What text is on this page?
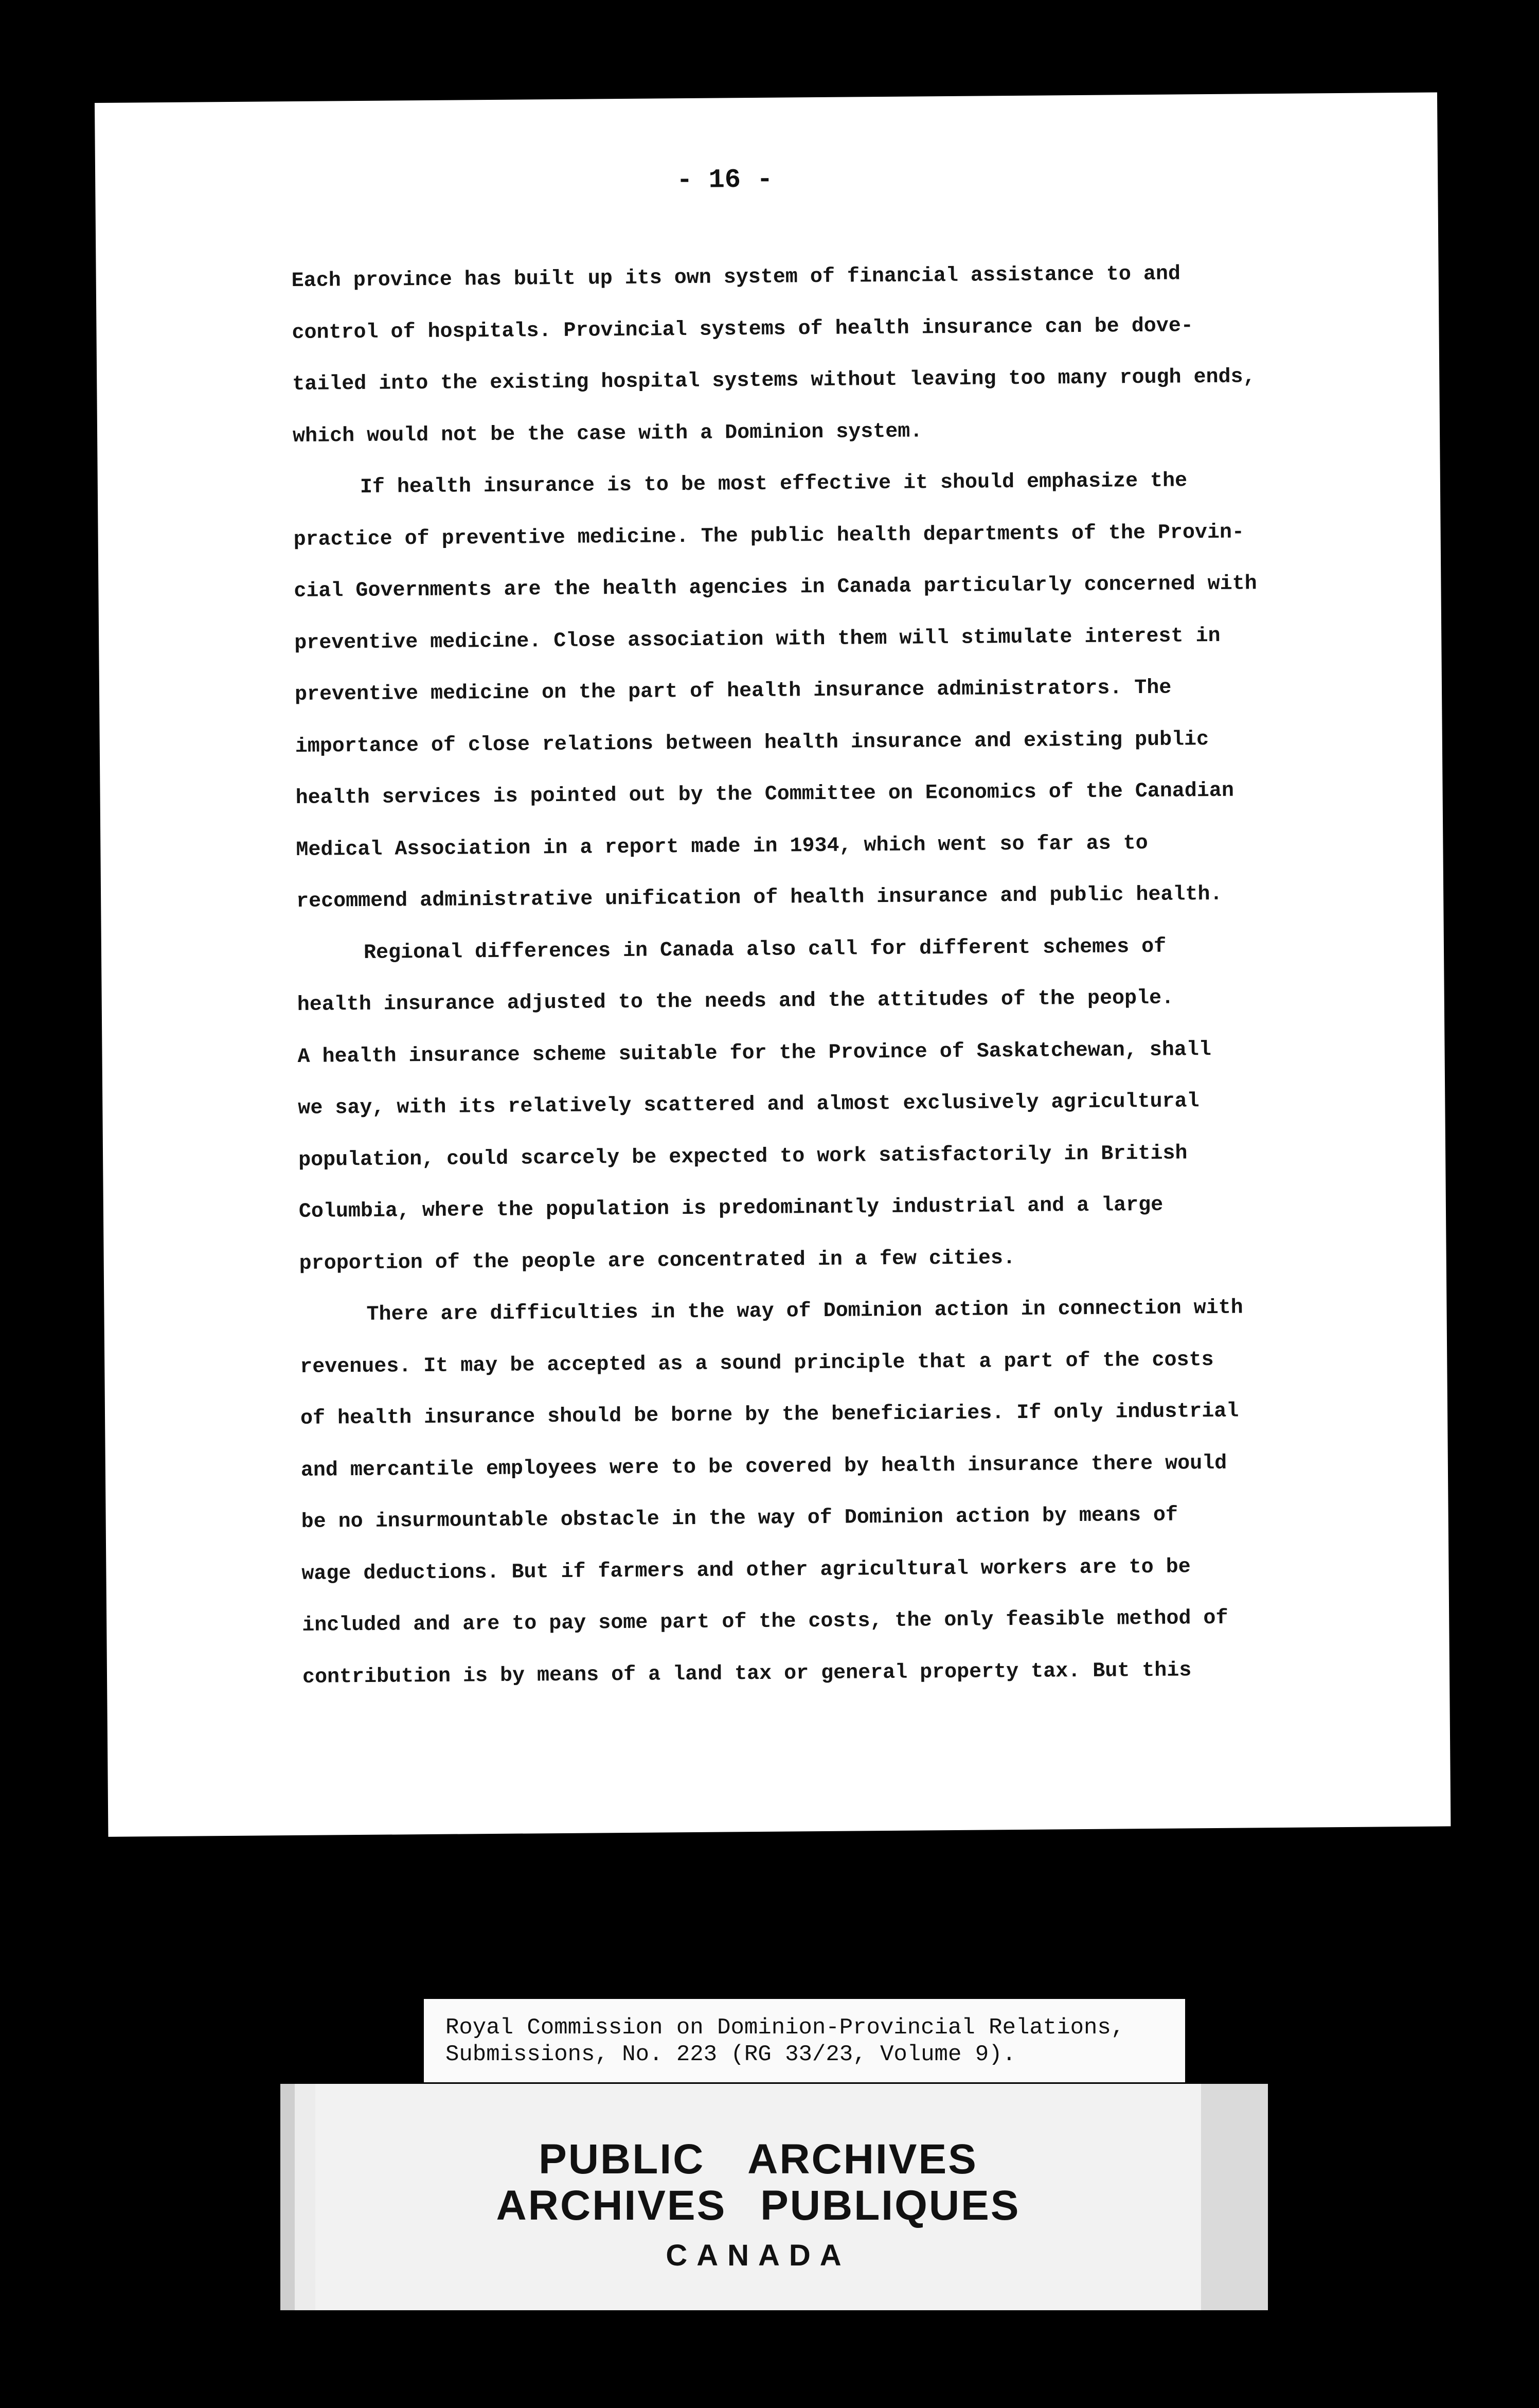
- 16 -

Each province has built up its own system of financial assistance to and
control of hospitals. Provincial systems of health insurance can be dove-
tailed into the existing hospital systems without leaving too many rough ends,
which would not be the case with a Dominion system.
If health insurance is to be most effective it should emphasize the
practice of preventive medicine. The public health departments of the Provin-
cial Governments are the health agencies in Canada particularly concerned with
preventive medicine. Close association with them will stimulate interest in
preventive medicine on the part of health insurance administrators. The
importance of close relations between health insurance and existing public
health services is pointed out by the Committee on Economics of the Canadian
Medical Association in a report made in 1934, which went so far as to
recommend administrative unification of health insurance and public health.
Regional differences in Canada also call for different schemes of
health insurance adjusted to the needs and the attitudes of the people.
A health insurance scheme suitable for the Province of Saskatchewan, shall
we say, with its relatively scattered and almost exclusively agricultural
population, could scarcely be expected to work satisfactorily in British
Columbia, where the population is predominantly industrial and a large
proportion of the people are concentrated in a few cities.
There are difficulties in the way of Dominion action in connection with
revenues. It may be accepted as a sound principle that a part of the costs
of health insurance should be borne by the beneficiaries. If only industrial
and mercantile employees were to be covered by health insurance there would
be no insurmountable obstacle in the way of Dominion action by means of
wage deductions. But if farmers and other agricultural workers are to be
included and are to pay some part of the costs, the only feasible method of
contribution is by means of a land tax or general property tax. But this
Royal Commission on Dominion-Provincial Relations,
Submissions, No. 223 (RG 33/23, Volume 9).

PUBLIC ARCHIVES

ARCHIVES PUBLIQUES

CANADA
